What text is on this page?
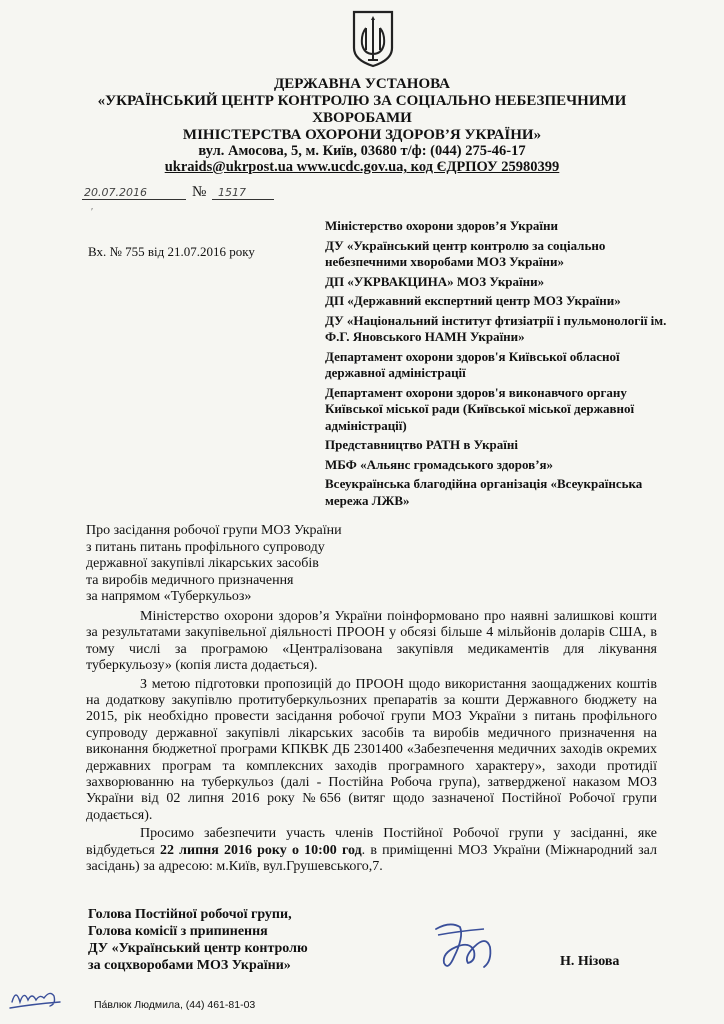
ДЕРЖАВНА УСТАНОВА

«УКРАЇНСЬКИЙ ЦЕНТР КОНТРОЛЮ ЗА СОЦІАЛЬНО НЕБЕЗПЕЧНИМИ

ХВОРОБАМИ

МІНІСТЕРСТВА ОХОРОНИ ЗДОРОВ’Я УКРАЇНИ»

вул. Амосова, 5, м. Київ, 03680 т/ф: (044) 275-46-17

ukraids@ukrpost.ua www.ucdc.gov.ua, код ЄДРПОУ 25980399

20.07.2016	№ 1517
ʹ
Вх. № 755 від 21.07.2016 року
Міністерство охорони здоров’я України
ДУ «Український центр контролю за соціально небезпечними хворобами МОЗ України»
ДП «УКРВАКЦИНА» МОЗ України»
ДП «Державний експертний центр МОЗ України»
ДУ «Національний інститут фтизіатрії і пульмонології ім. Ф.Г. Яновського НАМН України»
Департамент охорони здоров'я Київської обласної державної адміністрації
Департамент охорони здоров'я виконавчого органу Київської міської ради (Київської міської державної адміністрації)
Представництво PATH в Україні
МБФ «Альянс громадського здоров’я»
Всеукраїнська благодійна організація «Всеукраїнська мережа ЛЖВ»
Про засідання робочої групи МОЗ України
з питань питань профільного супроводу
державної закупівлі лікарських засобів
та виробів медичного призначення
за напрямом «Туберкульоз»

Міністерство охорони здоров’я України поінформовано про наявні залишкові кошти за результатами закупівельної діяльності ПРООН у обсязі більше 4 мільйонів доларів США, в тому числі за програмою «Централізована закупівля медикаментів для лікування туберкульозу» (копія листа додається).

З метою підготовки пропозицій до ПРООН щодо використання заощаджених коштів на додаткову закупівлю протитуберкульозних препаратів за кошти Державного бюджету на 2015, рік необхідно провести засідання робочої групи МОЗ України з питань профільного супроводу державної закупівлі лікарських засобів та виробів медичного призначення на виконання бюджетної програми КПКВК ДБ 2301400 «Забезпечення медичних заходів окремих державних програм та комплексних заходів програмного характеру», заходи протидії захворюванню на туберкульоз (далі - Постійна Робоча група), затвердженої наказом МОЗ України від 02 липня 2016 року №656 (витяг щодо зазначеної Постійної Робочої групи додається).

Просимо забезпечити участь членів Постійної Робочої групи у засіданні, яке відбудеться 22 липня 2016 року о 10:00 год. в приміщенні МОЗ України (Міжнародний зал засідань) за адресою: м.Київ, вул.Грушевського,7.

Голова Постійної робочої групи,
Голова комісії з припинення
ДУ «Український центр контролю
за соцхворобами МОЗ України»	Н. Нізова
Па́влюк Людмила, (44) 461-81-03
